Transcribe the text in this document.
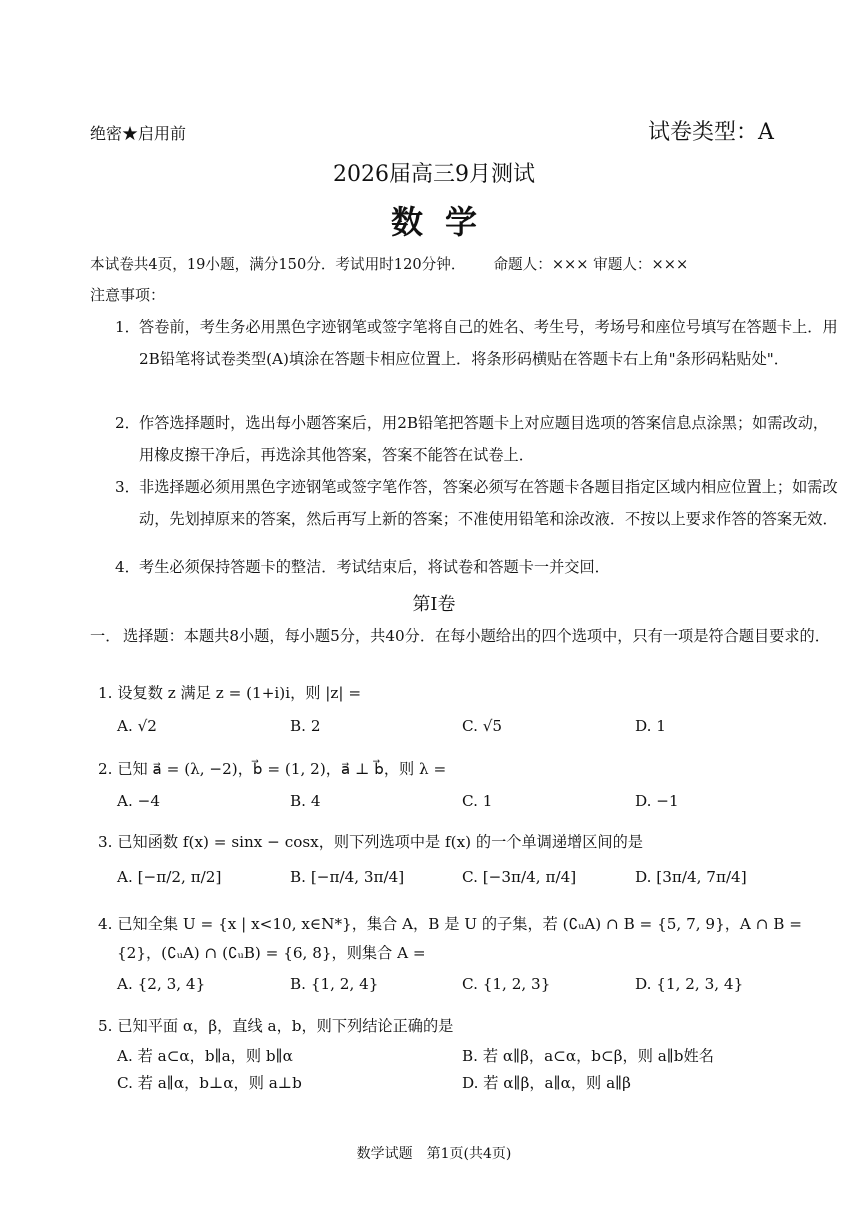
绝密★启用前	试卷类型：A
2026届高三9月测试
数学
本试卷共4页，19小题，满分150分．考试用时120分钟． 命题人：××× 审题人：×××
注意事项：
1． 答卷前，考生务必用黑色字迹钢笔或签字笔将自己的姓名、考生号，考场号和座位号填写在答题卡上．用2B铅笔将试卷类型(A)填涂在答题卡相应位置上．将条形码横贴在答题卡右上角"条形码粘贴处"．
2． 作答选择题时，选出每小题答案后，用2B铅笔把答题卡上对应题目选项的答案信息点涂黑；如需改动，用橡皮擦干净后，再选涂其他答案，答案不能答在试卷上．
3． 非选择题必须用黑色字迹钢笔或签字笔作答，答案必须写在答题卡各题目指定区域内相应位置上；如需改动，先划掉原来的答案，然后再写上新的答案；不准使用铅笔和涂改液．不按以上要求作答的答案无效．
4． 考生必须保持答题卡的整洁．考试结束后，将试卷和答题卡一并交回．
第Ⅰ卷
一． 选择题：本题共8小题，每小题5分，共40分．在每小题给出的四个选项中，只有一项是符合题目要求的．
1. 设复数 z 满足 z = (1+i)i，则 |z| =
A. √2	B. 2	C. √5	D. 1
2. 已知 a⃗ = (λ, −2)，b⃗ = (1, 2)，a⃗ ⊥ b⃗，则 λ =
A. −4	B. 4	C. 1	D. −1
3. 已知函数 f(x) = sinx − cosx，则下列选项中是 f(x) 的一个单调递增区间的是
A. [−π/2, π/2]	B. [−π/4, 3π/4]	C. [−3π/4, π/4]	D. [3π/4, 7π/4]
4. 已知全集 U = {x | x<10, x∈N*}，集合 A，B 是 U 的子集，若 (∁ᵤA) ∩ B = {5, 7, 9}，A ∩ B =
{2}，(∁ᵤA) ∩ (∁ᵤB) = {6, 8}，则集合 A =
A. {2, 3, 4}	B. {1, 2, 4}	C. {1, 2, 3}	D. {1, 2, 3, 4}
5. 已知平面 α，β，直线 a，b，则下列结论正确的是
A. 若 a⊂α，b∥a，则 b∥α	B. 若 α∥β，a⊂α，b⊂β，则 a∥b姓名
C. 若 a∥α，b⊥α，则 a⊥b	D. 若 α∥β，a∥α，则 a∥β
数学试题　第1页(共4页)
